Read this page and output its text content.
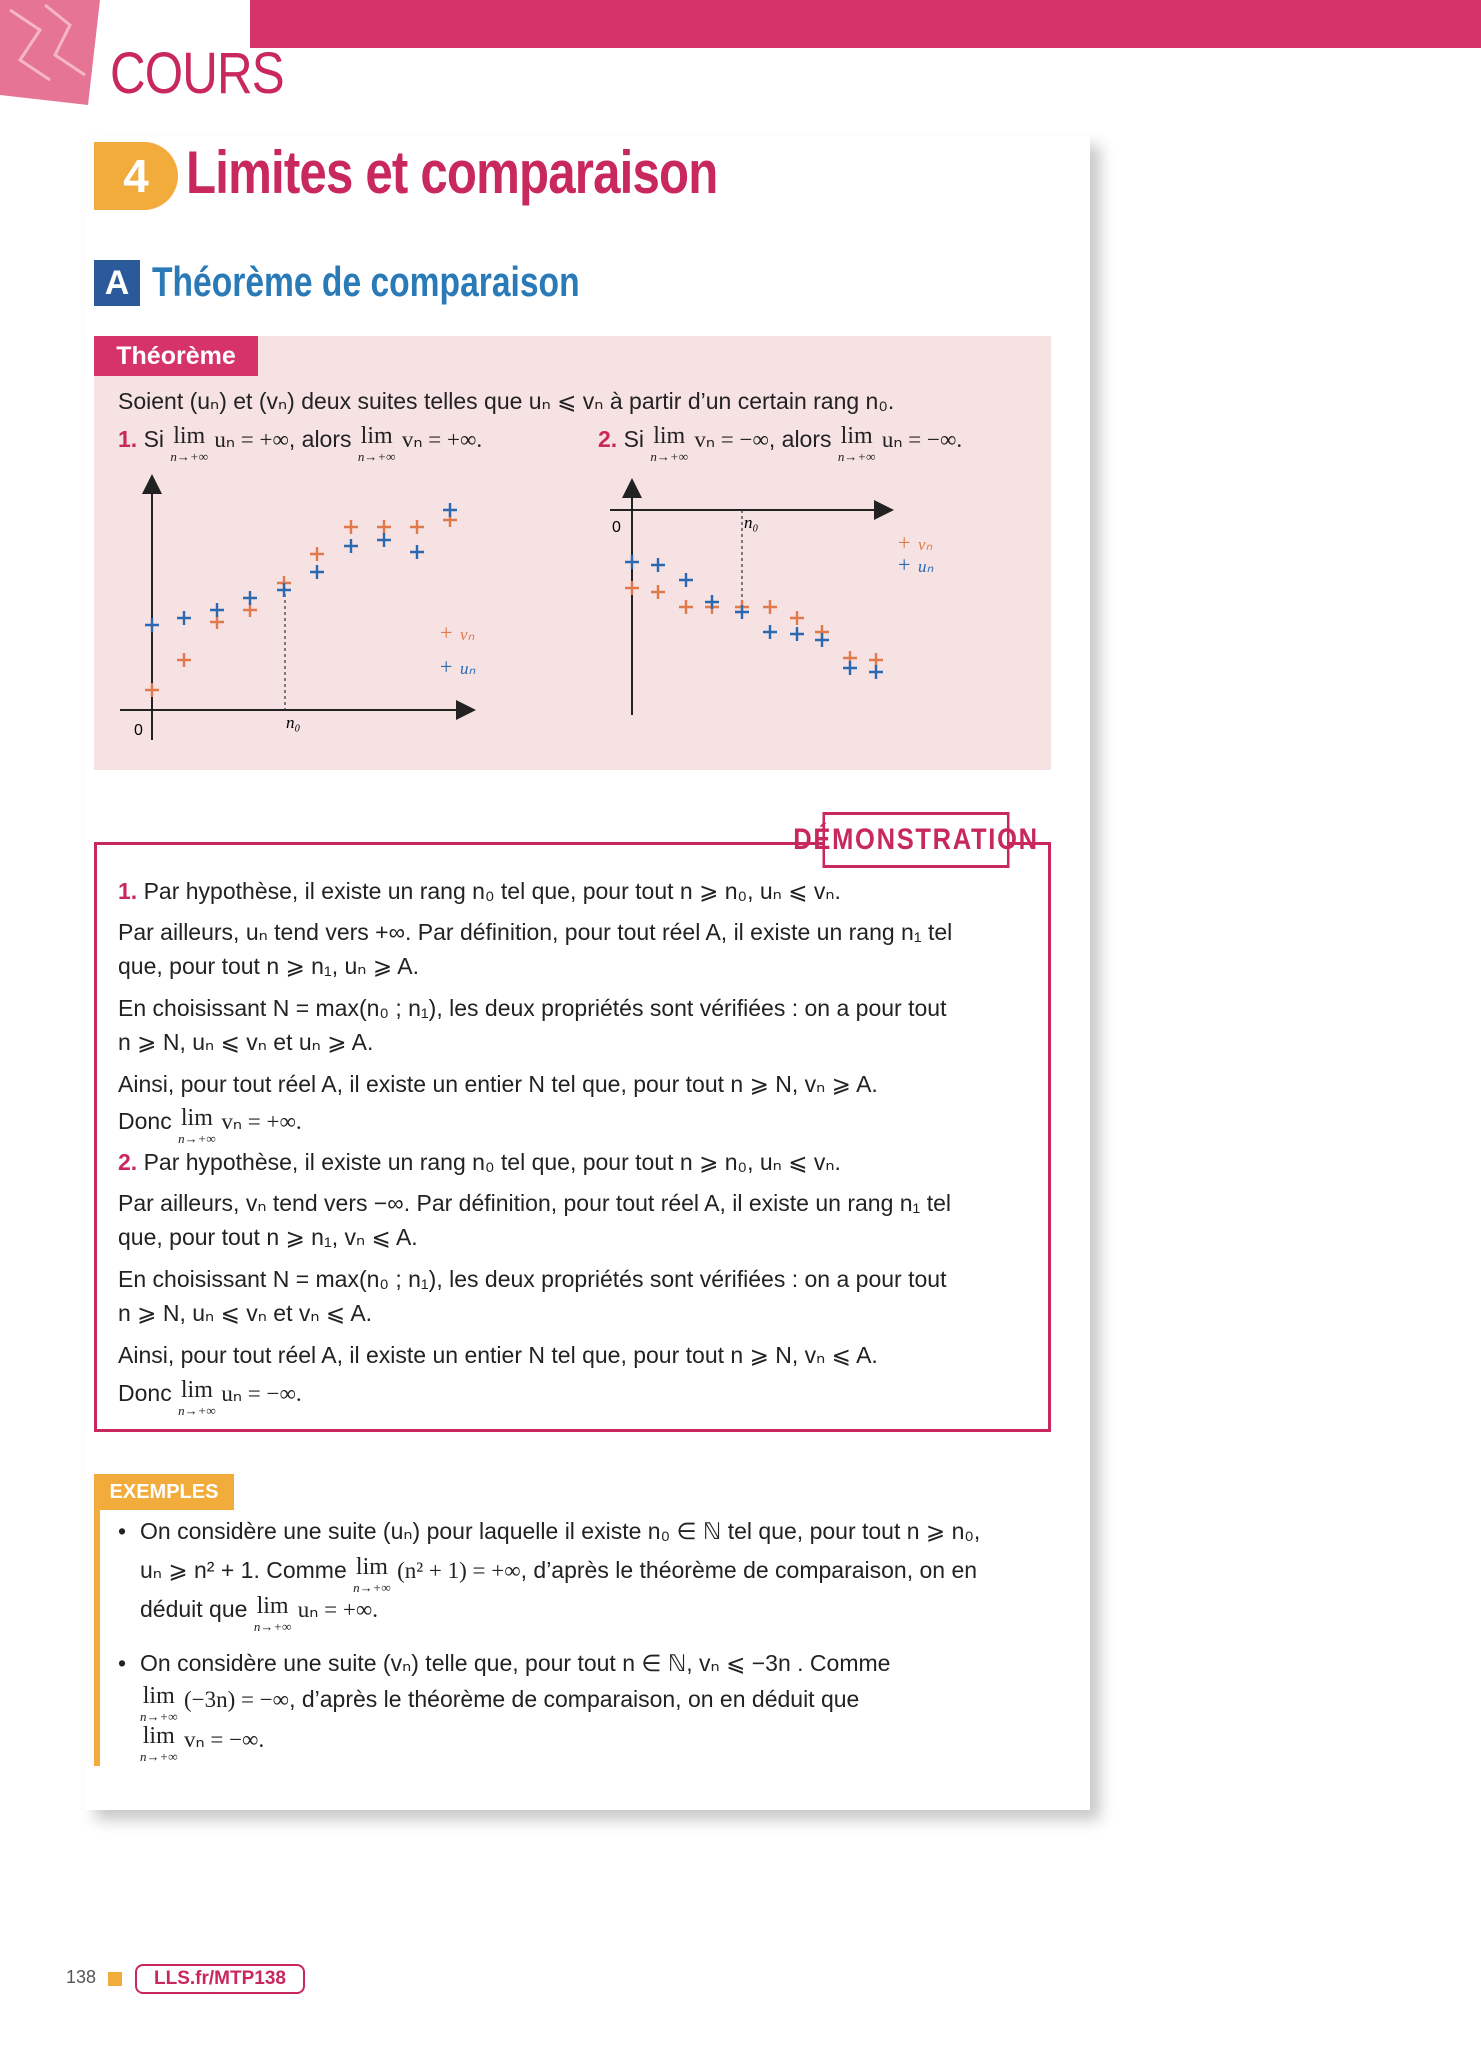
COURS
4 Limites et comparaison
A Théorème de comparaison
Théorème
Soient (uₙ) et (vₙ) deux suites telles que uₙ ⩽ vₙ à partir d’un certain rang n₀.
1. Si lim
n→+∞
uₙ = +∞, alors lim
n→+∞
vₙ = +∞.	2. Si lim
n→+∞
vₙ = −∞, alors lim
n→+∞
uₙ = −∞.
0	n₀
+ vₙ
+ uₙ
0	n₀
+ vₙ
+ uₙ
DÉMONSTRATION
1. Par hypothèse, il existe un rang n₀ tel que, pour tout n ⩾ n₀, uₙ ⩽ vₙ.
Par ailleurs, uₙ tend vers +∞. Par définition, pour tout réel A, il existe un rang n₁ tel
que, pour tout n ⩾ n₁, uₙ ⩾ A.
En choisissant N = max(n₀ ; n₁), les deux propriétés sont vérifiées : on a pour tout
n ⩾ N, uₙ ⩽ vₙ et uₙ ⩾ A.
Ainsi, pour tout réel A, il existe un entier N tel que, pour tout n ⩾ N, vₙ ⩾ A.
Donc lim
n→+∞
vₙ = +∞.
2. Par hypothèse, il existe un rang n₀ tel que, pour tout n ⩾ n₀, uₙ ⩽ vₙ.
Par ailleurs, vₙ tend vers −∞. Par définition, pour tout réel A, il existe un rang n₁ tel
que, pour tout n ⩾ n₁, vₙ ⩽ A.
En choisissant N = max(n₀ ; n₁), les deux propriétés sont vérifiées : on a pour tout
n ⩾ N, uₙ ⩽ vₙ et vₙ ⩽ A.
Ainsi, pour tout réel A, il existe un entier N tel que, pour tout n ⩾ N, vₙ ⩽ A.
Donc lim
n→+∞
uₙ = −∞.
EXEMPLES
• On considère une suite (uₙ) pour laquelle il existe n₀ ∈ ℕ tel que, pour tout n ⩾ n₀,
uₙ ⩾ n² + 1. Comme lim
n→+∞
(n² + 1) = +∞, d’après le théorème de comparaison, on en
déduit que lim
n→+∞
uₙ = +∞.
• On considère une suite (vₙ) telle que, pour tout n ∈ ℕ, vₙ ⩽ −3n . Comme
lim
n→+∞
(−3n) = −∞, d’après le théorème de comparaison, on en déduit que
lim
n→+∞
vₙ = −∞.
138	LLS.fr/MTP138
